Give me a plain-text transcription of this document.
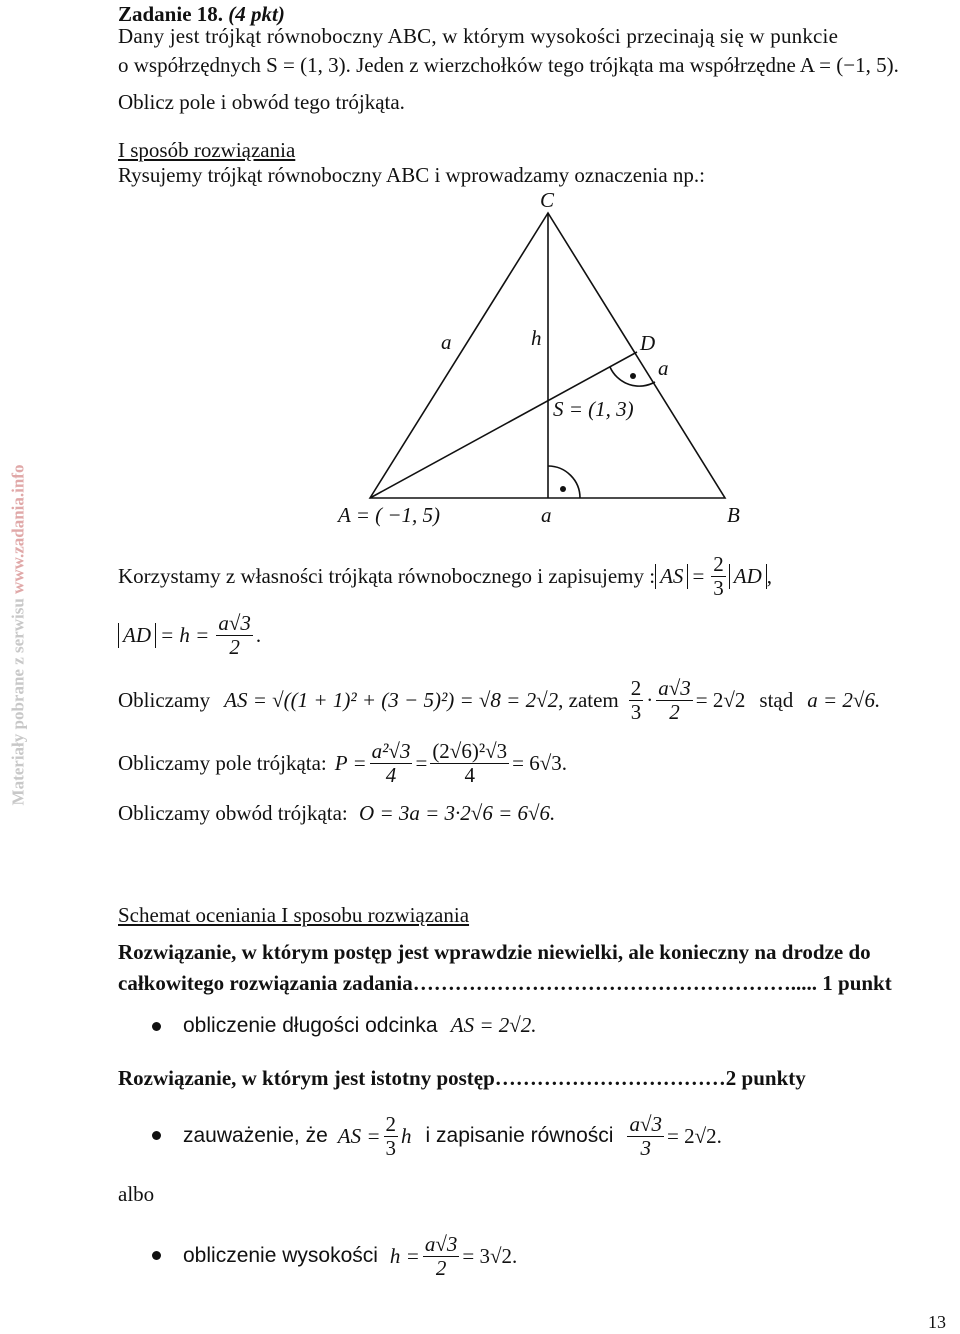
Materiały pobrane z serwisu www.zadania.info
Zadanie 18. (4 pkt)
Dany jest trójkąt równoboczny ABC, w którym wysokości przecinają się w punkcie
o współrzędnych S = (1, 3). Jeden z wierzchołków tego trójkąta ma współrzędne A = (−1, 5).
Oblicz pole i obwód tego trójkąta.
I sposób rozwiązania
Rysujemy trójkąt równoboczny ABC i wprowadzamy oznaczenia np.:
C
a	h	D
a
S = (1, 3)
A = ( −1, 5)	a	B
Korzystamy z własności trójkąta równobocznego i zapisujemy : AS = $\frac{2}{3}$ AD ,
AD = $h = \frac{a√3}{2}$ .
Obliczamy AS = √((1 + 1)² + (3 − 5)²) = √8 = 2√2 , zatem $\frac{2}{3} \cdot \frac{a√3}{2} = 2√2$ stąd a = 2√6.
Obliczamy pole trójkąta: $P = \frac{\text{a²√3}}{4} = \frac{\text{(2√6)²√3}}{4} = 6√3$.
Obliczamy obwód trójkąta: O = 3a = 3·2√6 = 6√6.
Schemat oceniania I sposobu rozwiązania
Rozwiązanie, w którym postęp jest wprawdzie niewielki, ale konieczny na drodze do
całkowitego rozwiązania zadania………………………………………………..... 1 punkt
obliczenie długości odcinka AS = 2√2.
Rozwiązanie, w którym jest istotny postęp……………………………2 punkty
zauważenie, że AS = $\frac{2}{3}$ h i zapisanie równości $\frac{a√3}{3} = 2√2$.
albo
obliczenie wysokości $h = \frac{a√3}{2} = 3√2$.
13
